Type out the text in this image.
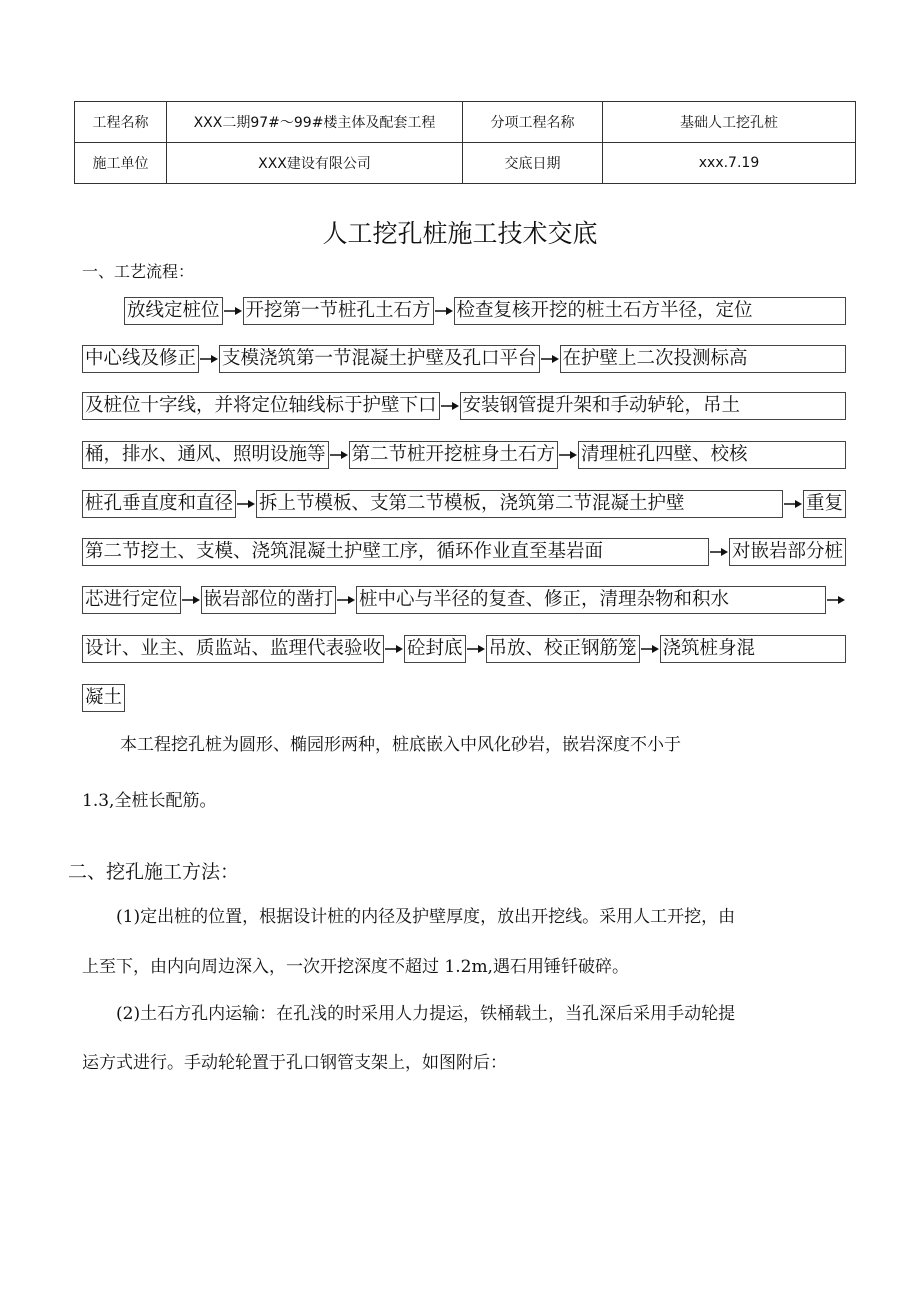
工程名称	XXX二期97#～99#楼主体及配套工程	分项工程名称	基础人工挖孔桩
施工单位	XXX建设有限公司	交底日期	xxx.7.19
人工挖孔桩施工技术交底
一、工艺流程：
放线定桩位 开挖第一节桩孔土石方 检查复核开挖的桩土石方半径，定位
中心线及修正 支模浇筑第一节混凝土护壁及孔口平台 在护壁上二次投测标高
及桩位十字线，并将定位轴线标于护壁下口 安装钢管提升架和手动轳轮，吊土
桶，排水、通风、照明设施等 第二节桩开挖桩身土石方 清理桩孔四壁、校核
桩孔垂直度和直径 拆上节模板、支第二节模板，浇筑第二节混凝土护壁	重复
第二节挖土、支模、浇筑混凝土护壁工序，循环作业直至基岩面	对嵌岩部分桩
芯进行定位 嵌岩部位的凿打 桩中心与半径的复查、修正，清理杂物和积水
设计、业主、质监站、监理代表验收 砼封底 吊放、校正钢筋笼 浇筑桩身混
凝土
本工程挖孔桩为圆形、椭园形两种，桩底嵌入中风化砂岩，嵌岩深度不小于
1.3,全桩长配筋。
二、挖孔施工方法：
(1)定出桩的位置，根据设计桩的内径及护壁厚度，放出开挖线。采用人工开挖，由
上至下，由内向周边深入，一次开挖深度不超过 1.2m,遇石用锤钎破碎。
(2)土石方孔内运输：在孔浅的时采用人力提运，铁桶载土，当孔深后采用手动轮提
运方式进行。手动轮轮置于孔口钢管支架上，如图附后：
